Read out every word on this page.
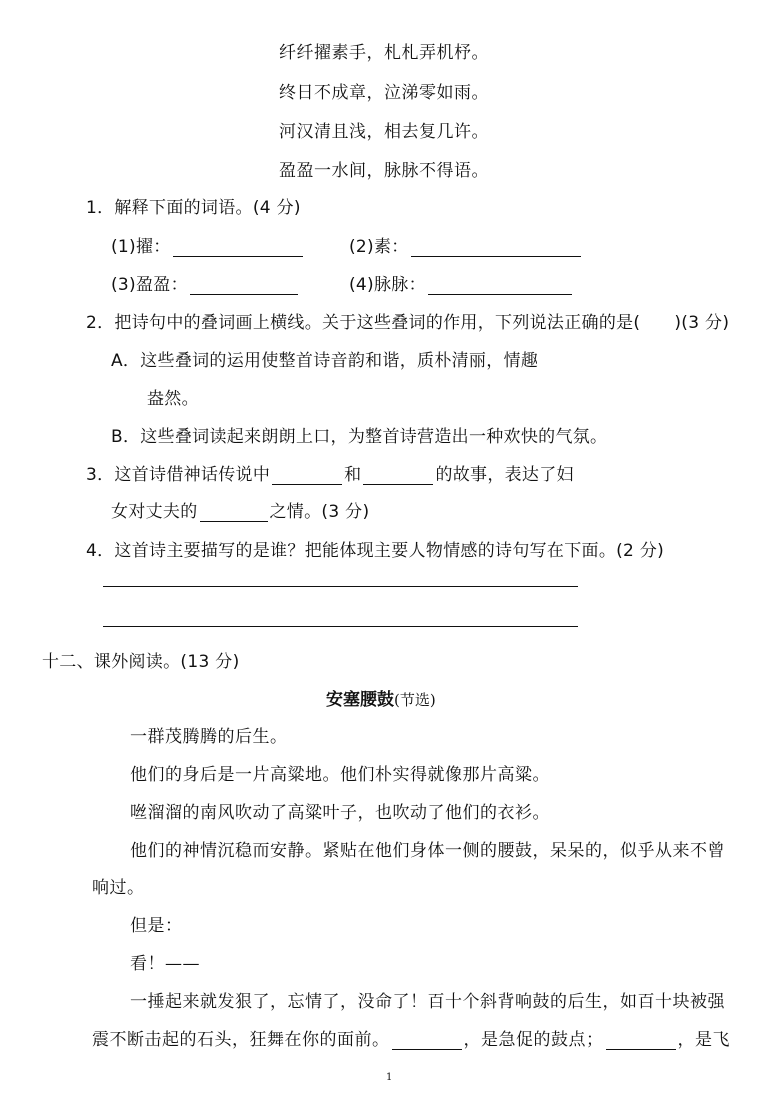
纤纤擢素手，札札弄机杼。
终日不成章，泣涕零如雨。
河汉清且浅，相去复几许。
盈盈一水间，脉脉不得语。
1．解释下面的词语。(4 分)
(1)擢：	(2)素：
(3)盈盈：	(4)脉脉：
2．把诗句中的叠词画上横线。关于这些叠词的作用，下列说法正确的是( )(3 分)
A．这些叠词的运用使整首诗音韵和谐，质朴清丽，情趣
盎然。
B．这些叠词读起来朗朗上口，为整首诗营造出一种欢快的气氛。
3．这首诗借神话传说中	和	的故事，表达了妇
女对丈夫的	之情。(3 分)
4．这首诗主要描写的是谁？把能体现主要人物情感的诗句写在下面。(2 分)
十二、课外阅读。(13 分)
安塞腰鼓(节选)
一群茂腾腾的后生。
他们的身后是一片高粱地。他们朴实得就像那片高粱。
咝溜溜的南风吹动了高粱叶子，也吹动了他们的衣衫。
他们的神情沉稳而安静。紧贴在他们身体一侧的腰鼓，呆呆的，似乎从来不曾
响过。
但是：
看！——
一捶起来就发狠了，忘情了，没命了！百十个斜背响鼓的后生，如百十块被强
震不断击起的石头，狂舞在你的面前。	，是急促的鼓点；	，是飞
1
